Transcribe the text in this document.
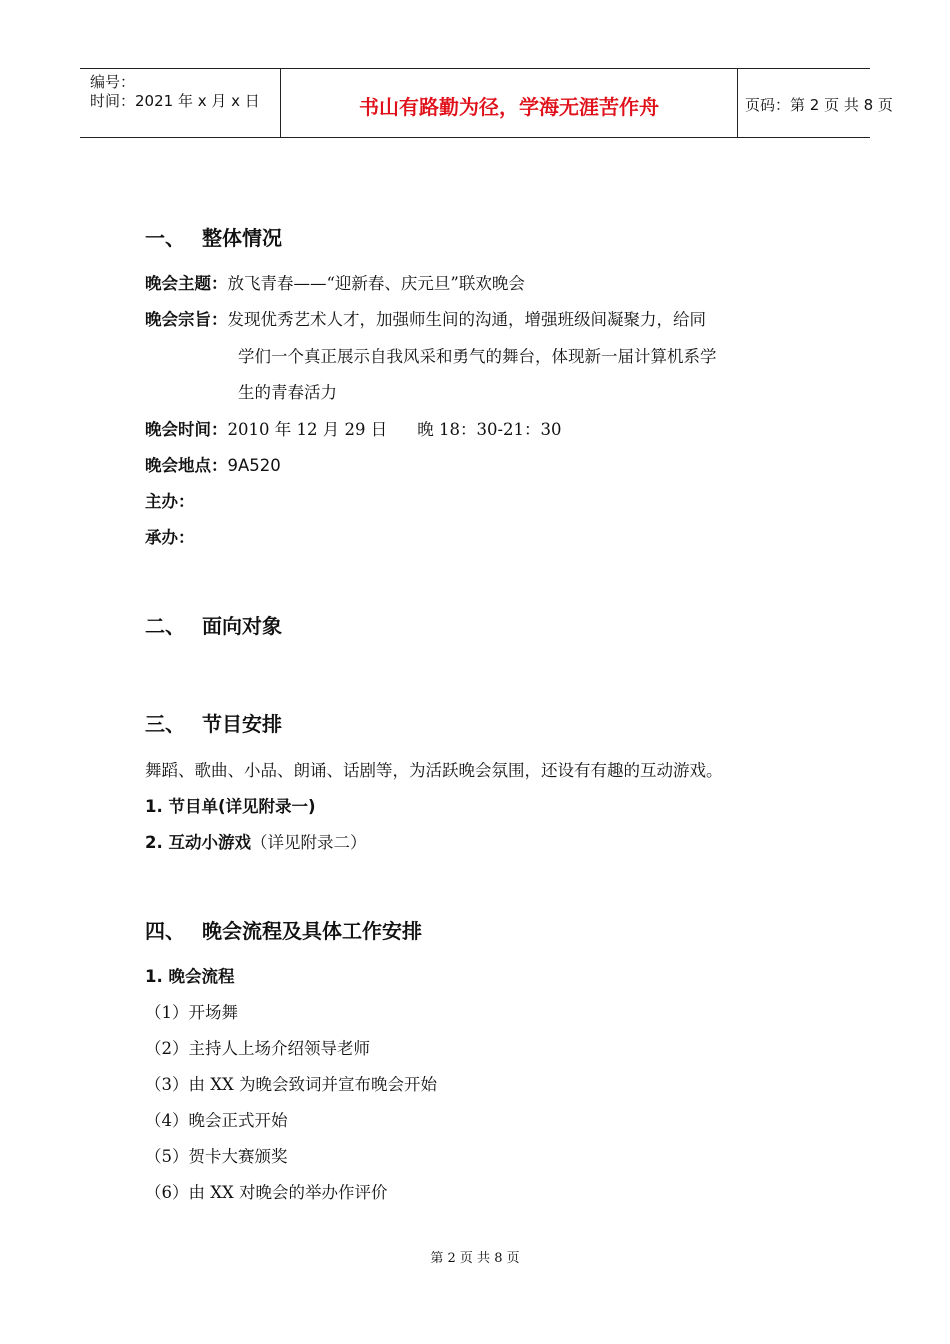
编号：
时间：2021 年 x 月 x 日	书山有路勤为径，学海无涯苦作舟	页码：第 2 页 共 8 页
一、 整体情况
晚会主题：放飞青春——“迎新春、庆元旦”联欢晚会
晚会宗旨：发现优秀艺术人才，加强师生间的沟通，增强班级间凝聚力，给同
学们一个真正展示自我风采和勇气的舞台，体现新一届计算机系学
生的青春活力
晚会时间：2010 年 12 月 29 日 晚 18：30-21：30
晚会地点：9A520
主办：
承办：
二、 面向对象
三、 节目安排
舞蹈、歌曲、小品、朗诵、话剧等，为活跃晚会氛围，还设有有趣的互动游戏。
1. 节目单(详见附录一)
2. 互动小游戏（详见附录二）
四、 晚会流程及具体工作安排
1. 晚会流程
（1）开场舞
（2）主持人上场介绍领导老师
（3）由 XX 为晚会致词并宣布晚会开始
（4）晚会正式开始
（5）贺卡大赛颁奖
（6）由 XX 对晚会的举办作评价
第 2 页 共 8 页
